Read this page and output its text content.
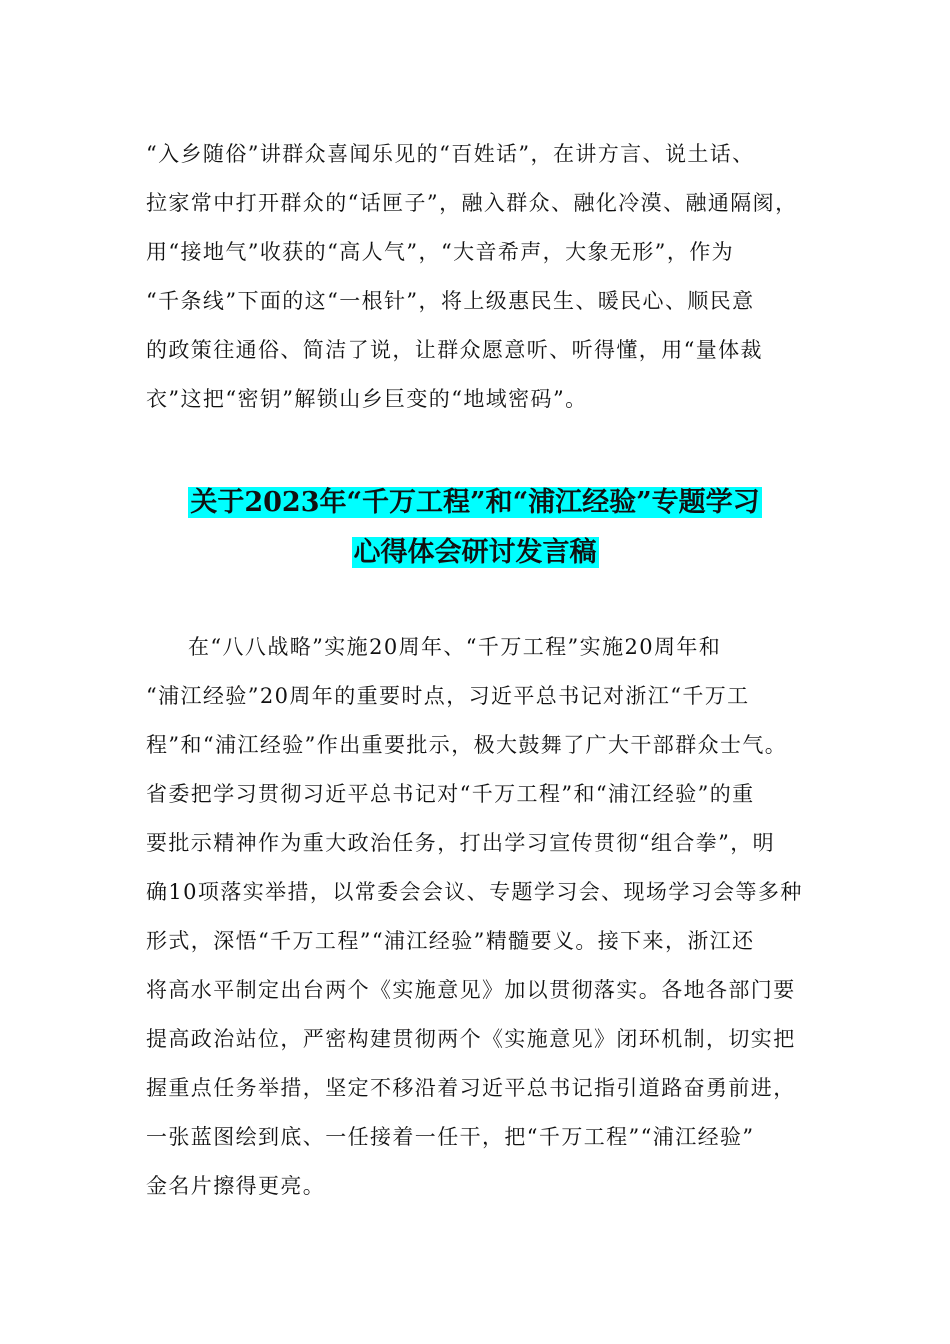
“入乡随俗”讲群众喜闻乐见的“百姓话”，在讲方言、说土话、
拉家常中打开群众的“话匣子”，融入群众、融化冷漠、融通隔阂，
用“接地气”收获的“高人气”，“大音希声，大象无形”，作为
“千条线”下面的这“一根针”，将上级惠民生、暖民心、顺民意
的政策往通俗、简洁了说，让群众愿意听、听得懂，用“量体裁
衣”这把“密钥”解锁山乡巨变的“地域密码”。
关于2023年“千万工程”和“浦江经验”专题学习
心得体会研讨发言稿
在“八八战略”实施20周年、“千万工程”实施20周年和
“浦江经验”20周年的重要时点，习近平总书记对浙江“千万工
程”和“浦江经验”作出重要批示，极大鼓舞了广大干部群众士气。
省委把学习贯彻习近平总书记对“千万工程”和“浦江经验”的重
要批示精神作为重大政治任务，打出学习宣传贯彻“组合拳”，明
确10项落实举措，以常委会会议、专题学习会、现场学习会等多种
形式，深悟“千万工程”“浦江经验”精髓要义。接下来，浙江还
将高水平制定出台两个《实施意见》加以贯彻落实。各地各部门要
提高政治站位，严密构建贯彻两个《实施意见》闭环机制，切实把
握重点任务举措，坚定不移沿着习近平总书记指引道路奋勇前进，
一张蓝图绘到底、一任接着一任干，把“千万工程”“浦江经验”
金名片擦得更亮。
